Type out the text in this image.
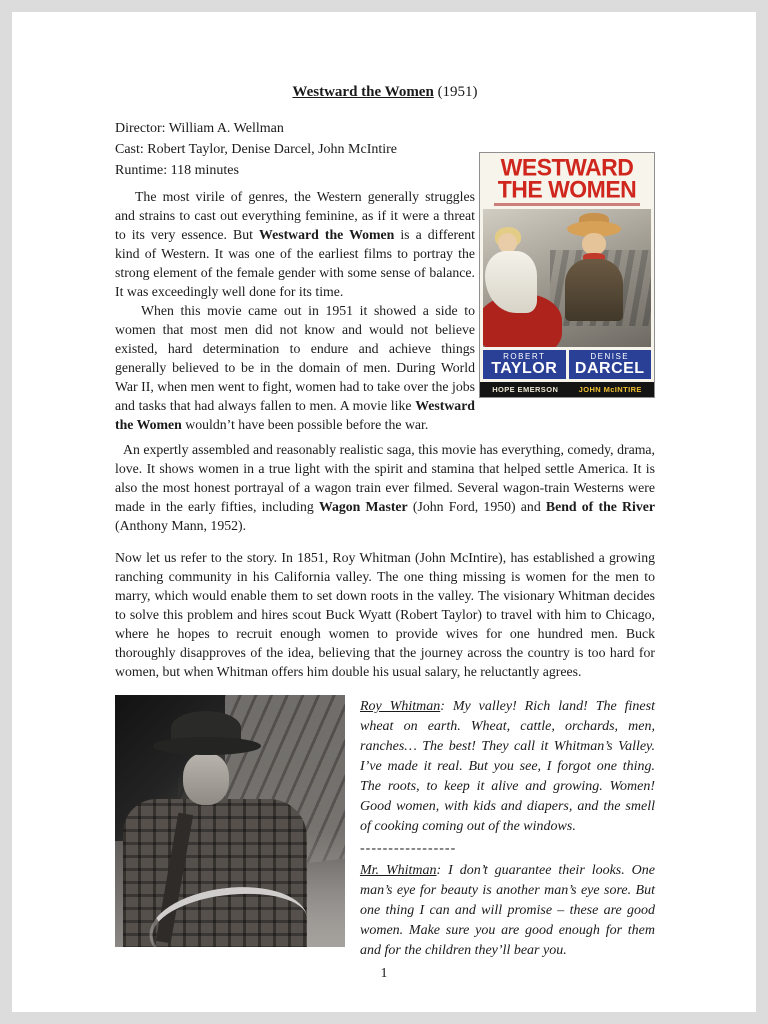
Westward the Women (1951)
Director: William A. Wellman
Cast: Robert Taylor, Denise Darcel, John McIntire
Runtime: 118 minutes	WESTWARD
THE WOMEN
ROBERT
TAYLOR
DENISE
DARCEL
HOPE EMERSON	JOHN McINTIRE

The most virile of genres, the Western generally struggles and strains to cast out everything feminine, as if it were a threat to its very essence. But Westward the Women is a different kind of Western. It was one of the earliest films to portray the strong element of the female gender with some sense of balance. It was exceedingly well done for its time.

When this movie came out in 1951 it showed a side to women that most men did not know and would not believe existed, hard determination to endure and achieve things generally believed to be in the domain of men. During World War II, when men went to fight, women had to take over the jobs and tasks that had always fallen to men. A movie like Westward the Women wouldn’t have been possible before the war.

An expertly assembled and reasonably realistic saga, this movie has everything, comedy, drama, love. It shows women in a true light with the spirit and stamina that helped settle America. It is also the most honest portrayal of a wagon train ever filmed. Several wagon-train Westerns were made in the early fifties, including Wagon Master (John Ford, 1950) and Bend of the River (Anthony Mann, 1952).

Now let us refer to the story. In 1851, Roy Whitman (John McIntire), has established a growing ranching community in his California valley. The one thing missing is women for the men to marry, which would enable them to set down roots in the valley. The visionary Whitman decides to solve this problem and hires scout Buck Wyatt (Robert Taylor) to travel with him to Chicago, where he hopes to recruit enough women to provide wives for one hundred men. Buck thoroughly disapproves of the idea, believing that the journey across the country is too hard for women, but when Whitman offers him double his usual salary, he reluctantly agrees.

Roy Whitman: My valley! Rich land! The finest wheat on earth. Wheat, cattle, orchards, men, ranches… The best! They call it Whitman’s Valley. I’ve made it real. But you see, I forgot one thing. The roots, to keep it alive and growing. Women! Good women, with kids and diapers, and the smell of cooking coming out of the windows.

-----------------

Mr. Whitman: I don’t guarantee their looks. One man’s eye for beauty is another man’s eye sore. But one thing I can and will promise – these are good women. Make sure you are good enough for them and for the children they’ll bear you.

1
